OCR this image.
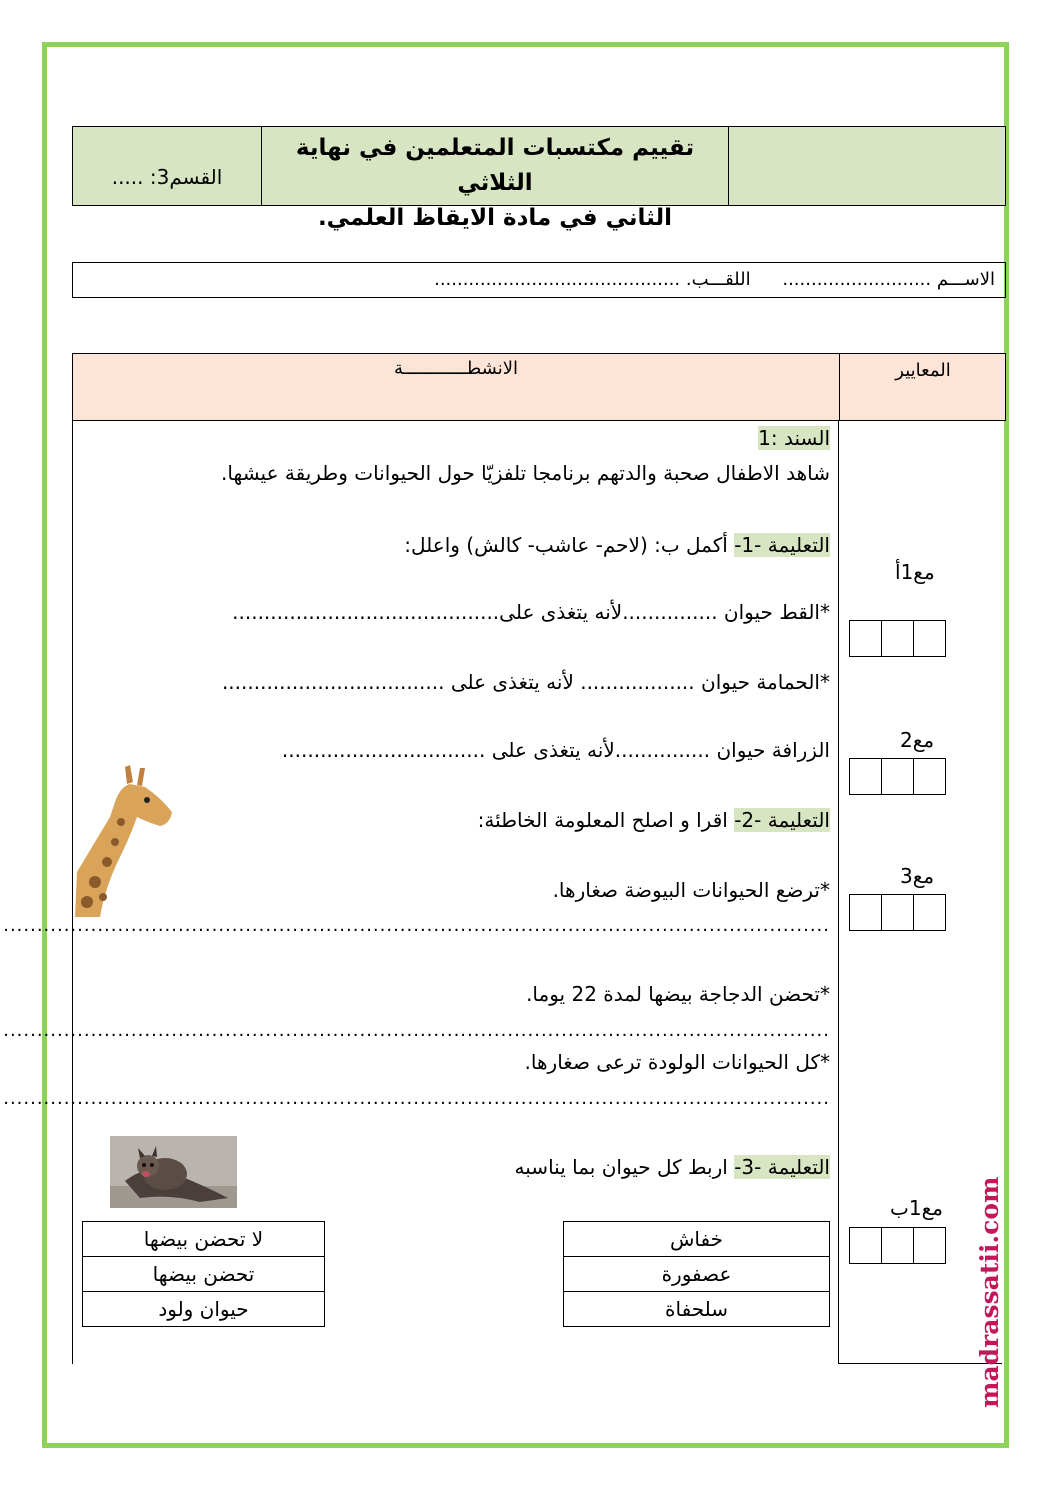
تقييم مكتسبات المتعلمين في نهاية الثلاثي
الثاني في مادة الايقاظ العلمي.
القسم3: .....
الاســـم .......................... اللقـــب. ...........................................
الانشطــــــــــــة	المعايير
السند :1
شاهد الاطفال صحبة والدتهم برنامجا تلفزيّا حول الحيوانات وطريقة عيشها.
التعليمة -1- أكمل ب: (لاحم- عاشب- كالش) واعلل:
*القط حيوان ...............لأنه يتغذى على..........................................
*الحمامة حيوان .................. لأنه يتغذى على ...................................
الزرافة حيوان ...............لأنه يتغذى على ................................
التعليمة -2- اقرا و اصلح المعلومة الخاطئة:
*ترضع الحيوانات البيوضة صغارها.
...........................................................................................................................
*تحضن الدجاجة بيضها لمدة 22 يوما.
...........................................................................................................................
*كل الحيوانات الولودة ترعى صغارها.
...........................................................................................................................
التعليمة -3- اربط كل حيوان بما يناسبه
خفاش
عصفورة
سلحفاة
لا تحضن بيضها
تحضن بيضها
حيوان ولود
مع1أ
مع2
مع3
مع1ب madrassatii.com
